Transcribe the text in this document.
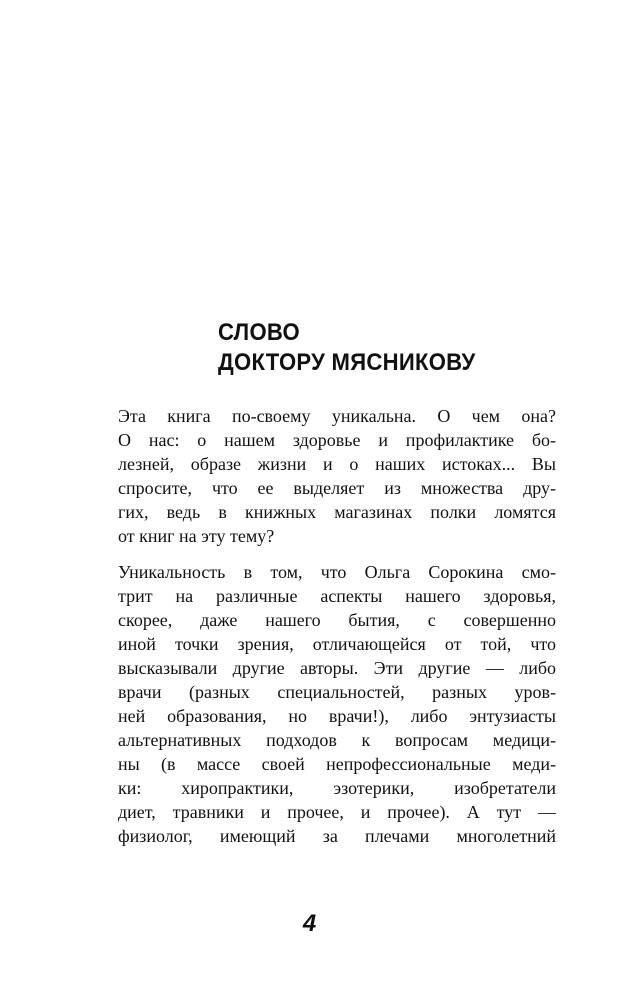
СЛОВО
ДОКТОРУ МЯСНИКОВУ

Эта книга по-своему уникальна. О чем она?
О нас: о нашем здоровье и профилактике бо-
лезней, образе жизни и о наших истоках... Вы
спросите, что ее выделяет из множества дру-
гих, ведь в книжных магазинах полки ломятся
от книг на эту тему?

Уникальность в том, что Ольга Сорокина смо-
трит на различные аспекты нашего здоровья,
скорее, даже нашего бытия, с совершенно
иной точки зрения, отличающейся от той, что
высказывали другие авторы. Эти другие — либо
врачи (разных специальностей, разных уров-
ней образования, но врачи!), либо энтузиасты
альтернативных подходов к вопросам медици-
ны (в массе своей непрофессиональные меди-
ки: хиропрактики, эзотерики, изобретатели
диет, травники и прочее, и прочее). А тут —
физиолог, имеющий за плечами многолетний

4
